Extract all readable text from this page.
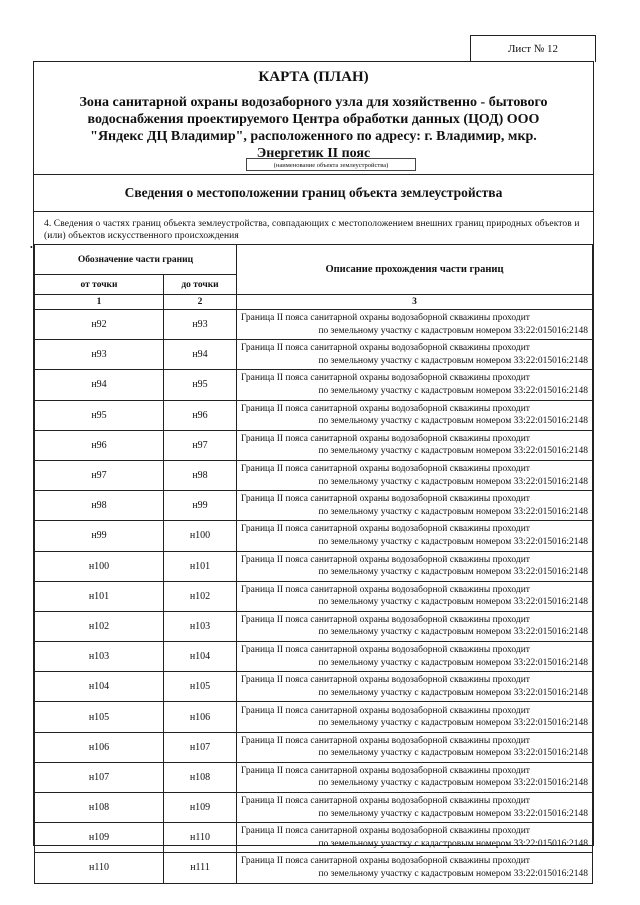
Лист № 12
КАРТА (ПЛАН)
Зона санитарной охраны водозаборного узла для хозяйственно - бытового водоснабжения проектируемого Центра обработки данных (ЦОД) ООО "Яндекс ДЦ Владимир", расположенного по адресу: г. Владимир, мкр. Энергетик II пояс
(наименование объекта землеустройства)
Сведения о местоположении границ объекта землеустройства
4. Сведения о частях границ объекта землеустройства, совпадающих с местоположением внешних границ природных объектов и (или) объектов искусственного происхождения
Обозначение части границ		Описание прохождения части границ
от точки	до точки	
1	2	3
н92	н93	Граница II пояса санитарной охраны водозаборной скважины проходит
по земельному участку с кадастровым номером 33:22:015016:2148

н93	н94	Граница II пояса санитарной охраны водозаборной скважины проходит
по земельному участку с кадастровым номером 33:22:015016:2148

н94	н95	Граница II пояса санитарной охраны водозаборной скважины проходит
по земельному участку с кадастровым номером 33:22:015016:2148

н95	н96	Граница II пояса санитарной охраны водозаборной скважины проходит
по земельному участку с кадастровым номером 33:22:015016:2148

н96	н97	Граница II пояса санитарной охраны водозаборной скважины проходит
по земельному участку с кадастровым номером 33:22:015016:2148

н97	н98	Граница II пояса санитарной охраны водозаборной скважины проходит
по земельному участку с кадастровым номером 33:22:015016:2148

н98	н99	Граница II пояса санитарной охраны водозаборной скважины проходит
по земельному участку с кадастровым номером 33:22:015016:2148

н99	н100	Граница II пояса санитарной охраны водозаборной скважины проходит
по земельному участку с кадастровым номером 33:22:015016:2148

н100	н101	Граница II пояса санитарной охраны водозаборной скважины проходит
по земельному участку с кадастровым номером 33:22:015016:2148

н101	н102	Граница II пояса санитарной охраны водозаборной скважины проходит
по земельному участку с кадастровым номером 33:22:015016:2148

н102	н103	Граница II пояса санитарной охраны водозаборной скважины проходит
по земельному участку с кадастровым номером 33:22:015016:2148

н103	н104	Граница II пояса санитарной охраны водозаборной скважины проходит
по земельному участку с кадастровым номером 33:22:015016:2148

н104	н105	Граница II пояса санитарной охраны водозаборной скважины проходит
по земельному участку с кадастровым номером 33:22:015016:2148

н105	н106	Граница II пояса санитарной охраны водозаборной скважины проходит
по земельному участку с кадастровым номером 33:22:015016:2148

н106	н107	Граница II пояса санитарной охраны водозаборной скважины проходит
по земельному участку с кадастровым номером 33:22:015016:2148

н107	н108	Граница II пояса санитарной охраны водозаборной скважины проходит
по земельному участку с кадастровым номером 33:22:015016:2148

н108	н109	Граница II пояса санитарной охраны водозаборной скважины проходит
по земельному участку с кадастровым номером 33:22:015016:2148

н109	н110	Граница II пояса санитарной охраны водозаборной скважины проходит
по земельному участку с кадастровым номером 33:22:015016:2148

н110	н111	Граница II пояса санитарной охраны водозаборной скважины проходит
по земельному участку с кадастровым номером 33:22:015016:2148
•
